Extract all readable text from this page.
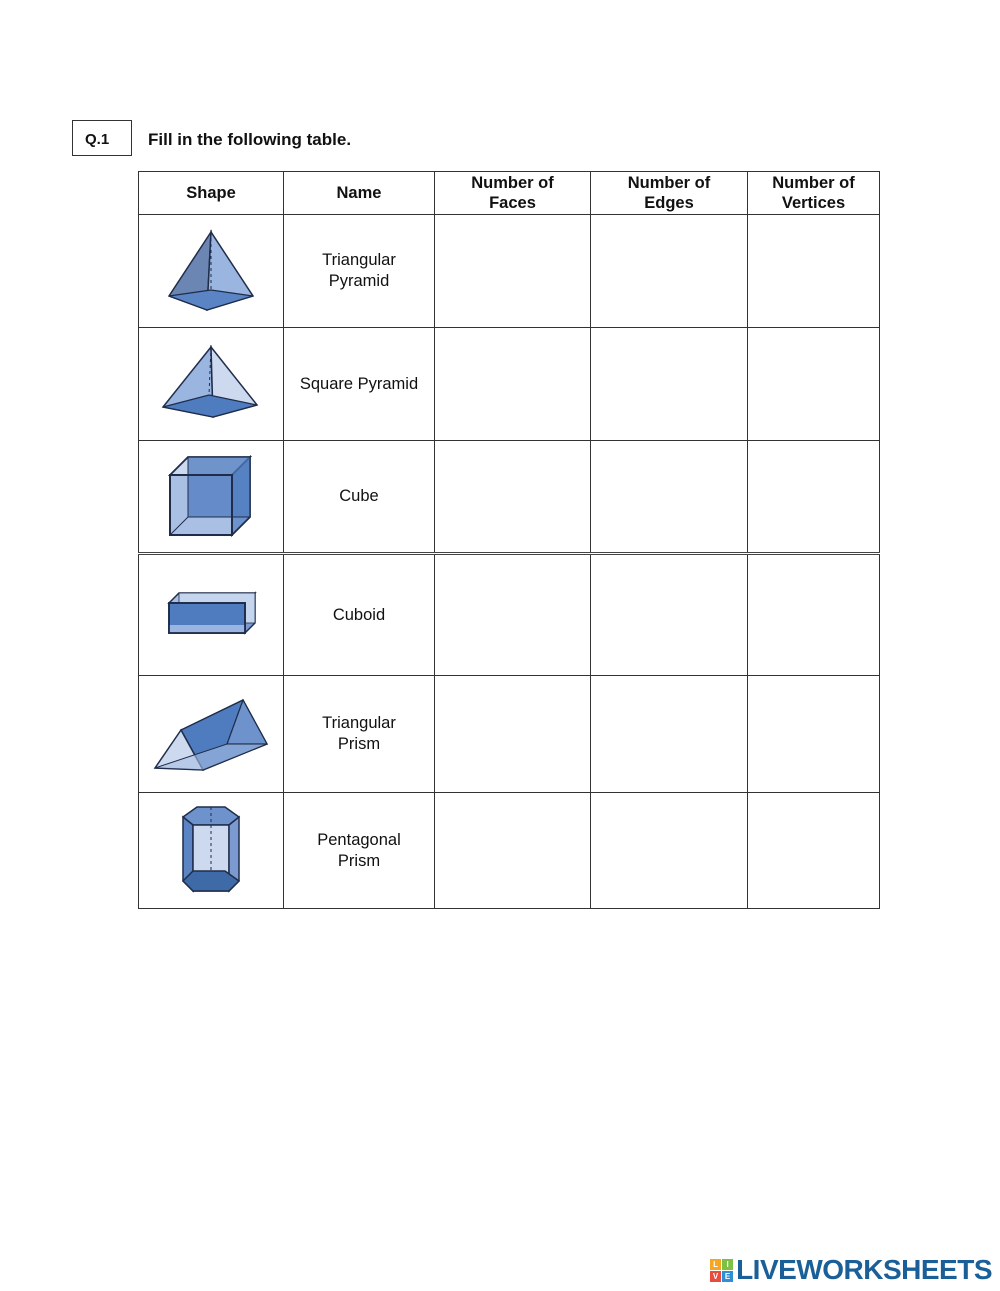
Q.1	Fill in the following table.
Shape	Name	Number of Faces	Number of Edges	Number of Vertices

	Triangular Pyramid			

	Square Pyramid			

	Cube			

	Cuboid			

	Triangular Prism			

	Pentagonal Prism			
L	I
V E LIVEWORKSHEETS
